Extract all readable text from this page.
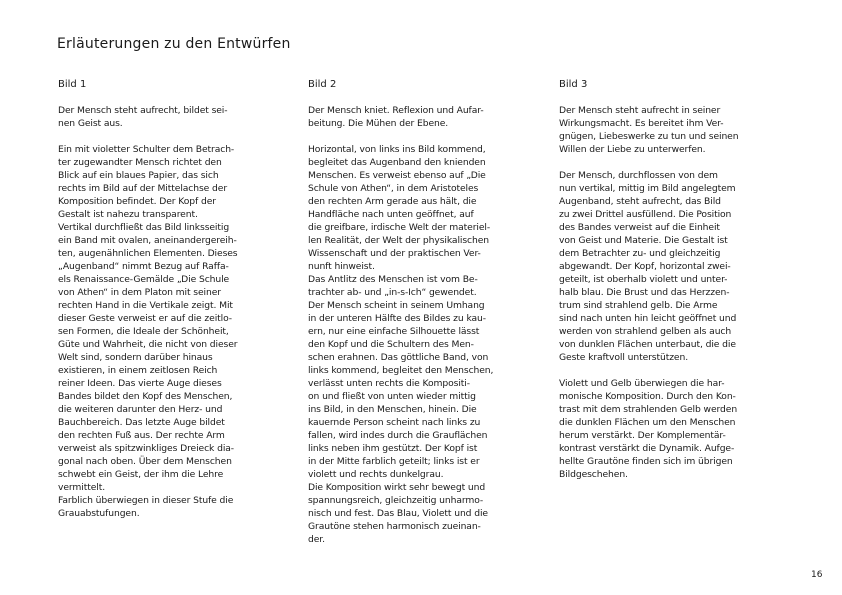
Erläuterungen zu den Entwürfen
Bild 1
Der Mensch steht aufrecht, bildet sei-
nen Geist aus.
Ein mit violetter Schulter dem Betrach-
ter zugewandter Mensch richtet den
Blick auf ein blaues Papier, das sich
rechts im Bild auf der Mittelachse der
Komposition befindet. Der Kopf der
Gestalt ist nahezu transparent.
Vertikal durchfließt das Bild linksseitig
ein Band mit ovalen, aneinandergereih-
ten, augenähnlichen Elementen. Dieses
„Augenband“ nimmt Bezug auf Raffa-
els Renaissance-Gemälde „Die Schule
von Athen“ in dem Platon mit seiner
rechten Hand in die Vertikale zeigt. Mit
dieser Geste verweist er auf die zeitlo-
sen Formen, die Ideale der Schönheit,
Güte und Wahrheit, die nicht von dieser
Welt sind, sondern darüber hinaus
existieren, in einem zeitlosen Reich
reiner Ideen. Das vierte Auge dieses
Bandes bildet den Kopf des Menschen,
die weiteren darunter den Herz- und
Bauchbereich. Das letzte Auge bildet
den rechten Fuß aus. Der rechte Arm
verweist als spitzwinkliges Dreieck dia-
gonal nach oben. Über dem Menschen
schwebt ein Geist, der ihm die Lehre
vermittelt.
Farblich überwiegen in dieser Stufe die
Grauabstufungen.
Bild 2
Der Mensch kniet. Reflexion und Aufar-
beitung. Die Mühen der Ebene.
Horizontal, von links ins Bild kommend,
begleitet das Augenband den knienden
Menschen. Es verweist ebenso auf „Die
Schule von Athen“, in dem Aristoteles
den rechten Arm gerade aus hält, die
Handfläche nach unten geöffnet, auf
die greifbare, irdische Welt der materiel-
len Realität, der Welt der physikalischen
Wissenschaft und der praktischen Ver-
nunft hinweist.
Das Antlitz des Menschen ist vom Be-
trachter ab- und „in-s-Ich“ gewendet.
Der Mensch scheint in seinem Umhang
in der unteren Hälfte des Bildes zu kau-
ern, nur eine einfache Silhouette lässt
den Kopf und die Schultern des Men-
schen erahnen. Das göttliche Band, von
links kommend, begleitet den Menschen,
verlässt unten rechts die Kompositi-
on und fließt von unten wieder mittig
ins Bild, in den Menschen, hinein. Die
kauernde Person scheint nach links zu
fallen, wird indes durch die Grauflächen
links neben ihm gestützt. Der Kopf ist
in der Mitte farblich geteilt; links ist er
violett und rechts dunkelgrau.
Die Komposition wirkt sehr bewegt und
spannungsreich, gleichzeitig unharmo-
nisch und fest. Das Blau, Violett und die
Grautöne stehen harmonisch zueinan-
der.
Bild 3
Der Mensch steht aufrecht in seiner
Wirkungsmacht. Es bereitet ihm Ver-
gnügen, Liebeswerke zu tun und seinen
Willen der Liebe zu unterwerfen.
Der Mensch, durchflossen von dem
nun vertikal, mittig im Bild angelegtem
Augenband, steht aufrecht, das Bild
zu zwei Drittel ausfüllend. Die Position
des Bandes verweist auf die Einheit
von Geist und Materie. Die Gestalt ist
dem Betrachter zu- und gleichzeitig
abgewandt. Der Kopf, horizontal zwei-
geteilt, ist oberhalb violett und unter-
halb blau. Die Brust und das Herzzen-
trum sind strahlend gelb. Die Arme
sind nach unten hin leicht geöffnet und
werden von strahlend gelben als auch
von dunklen Flächen unterbaut, die die
Geste kraftvoll unterstützen.
Violett und Gelb überwiegen die har-
monische Komposition. Durch den Kon-
trast mit dem strahlenden Gelb werden
die dunklen Flächen um den Menschen
herum verstärkt. Der Komplementär-
kontrast verstärkt die Dynamik. Aufge-
hellte Grautöne finden sich im übrigen
Bildgeschehen.
16
